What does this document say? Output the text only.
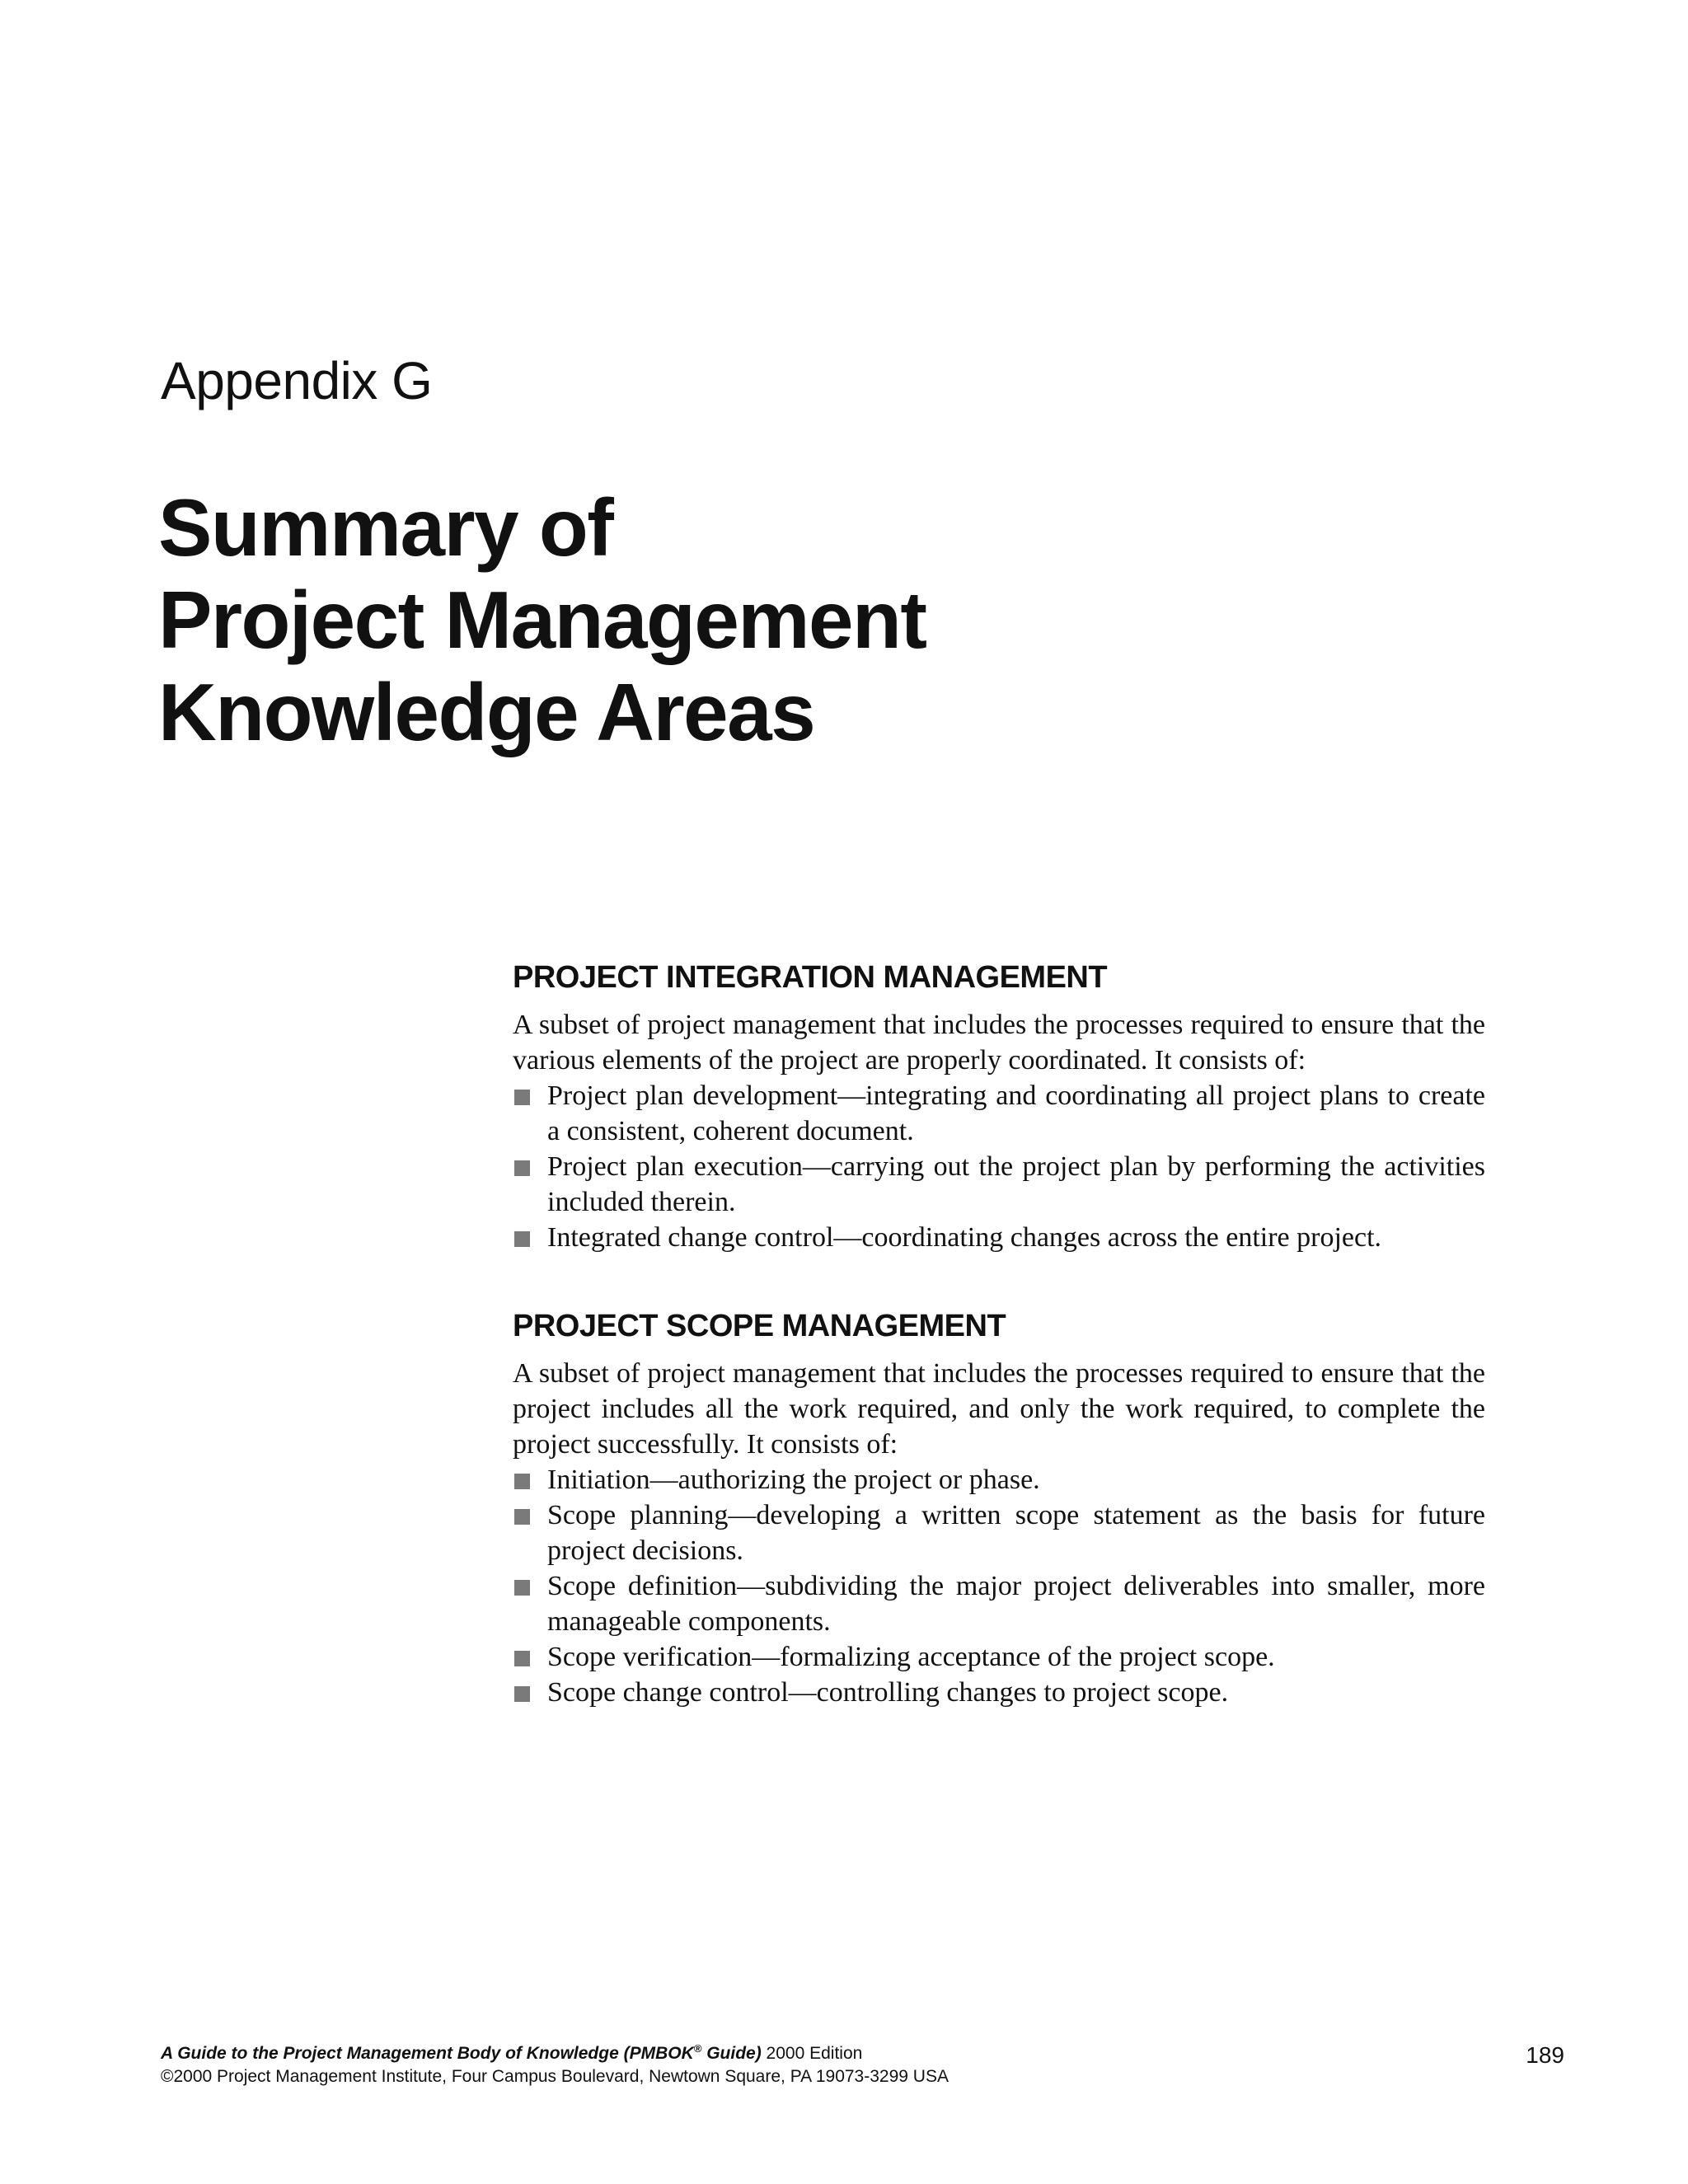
Appendix G
Summary of
Project Management
Knowledge Areas
PROJECT INTEGRATION MANAGEMENT

A subset of project management that includes the processes required to ensure that the various elements of the project are properly coordinated. It consists of:

Project plan development—integrating and coordinating all project plans to create a consistent, coherent document.
Project plan execution—carrying out the project plan by performing the activities included therein.
Integrated change control—coordinating changes across the entire project.
PROJECT SCOPE MANAGEMENT

A subset of project management that includes the processes required to ensure that the project includes all the work required, and only the work required, to complete the project successfully. It consists of:

Initiation—authorizing the project or phase.
Scope planning—developing a written scope statement as the basis for future project decisions.
Scope definition—subdividing the major project deliverables into smaller, more manageable components.
Scope verification—formalizing acceptance of the project scope.
Scope change control—controlling changes to project scope.
A Guide to the Project Management Body of Knowledge (PMBOK® Guide) 2000 Edition
©2000 Project Management Institute, Four Campus Boulevard, Newtown Square, PA 19073-3299 USA
189
